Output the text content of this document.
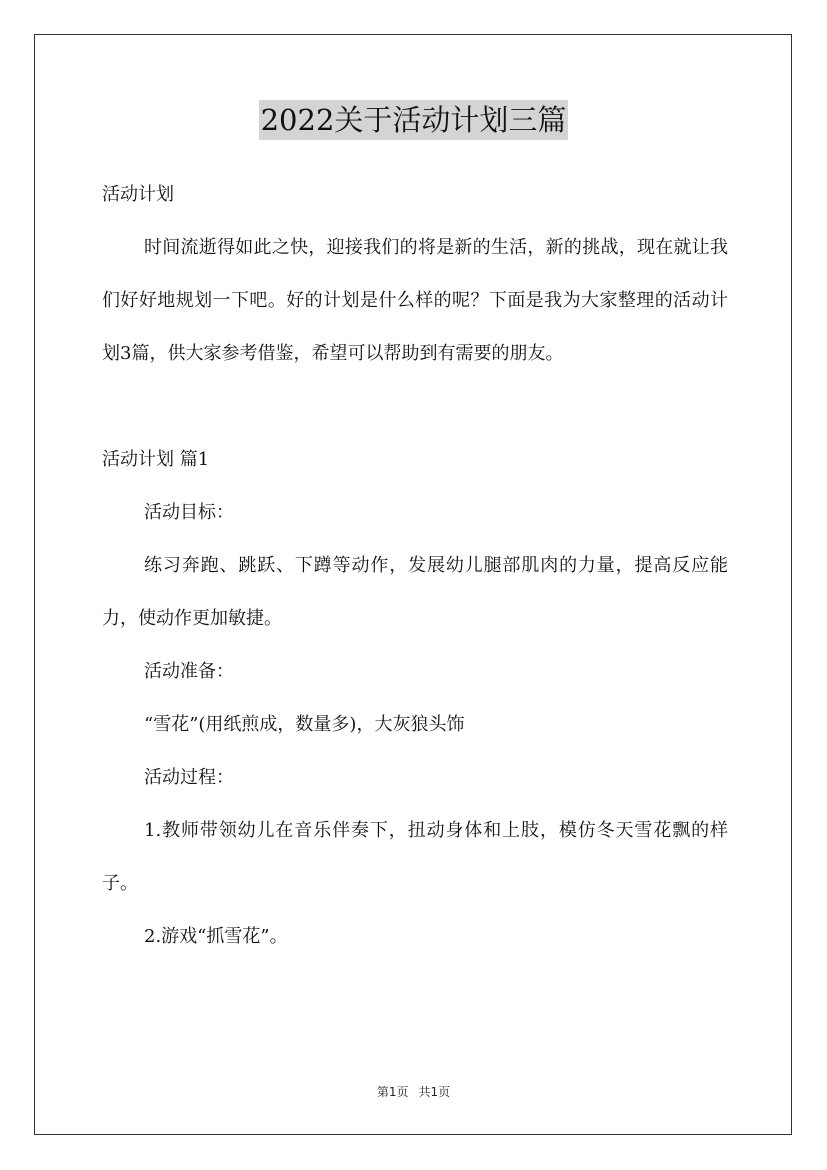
2022关于活动计划三篇

活动计划

时间流逝得如此之快，迎接我们的将是新的生活，新的挑战，现在就让我们好好地规划一下吧。好的计划是什么样的呢？下面是我为大家整理的活动计划3篇，供大家参考借鉴，希望可以帮助到有需要的朋友。

活动计划 篇1

活动目标：

练习奔跑、跳跃、下蹲等动作，发展幼儿腿部肌肉的力量，提高反应能力，使动作更加敏捷。

活动准备：

“雪花”(用纸煎成，数量多)，大灰狼头饰

活动过程：

1.教师带领幼儿在音乐伴奏下，扭动身体和上肢，模仿冬天雪花飘的样子。

2.游戏“抓雪花”。

第1页 共1页
